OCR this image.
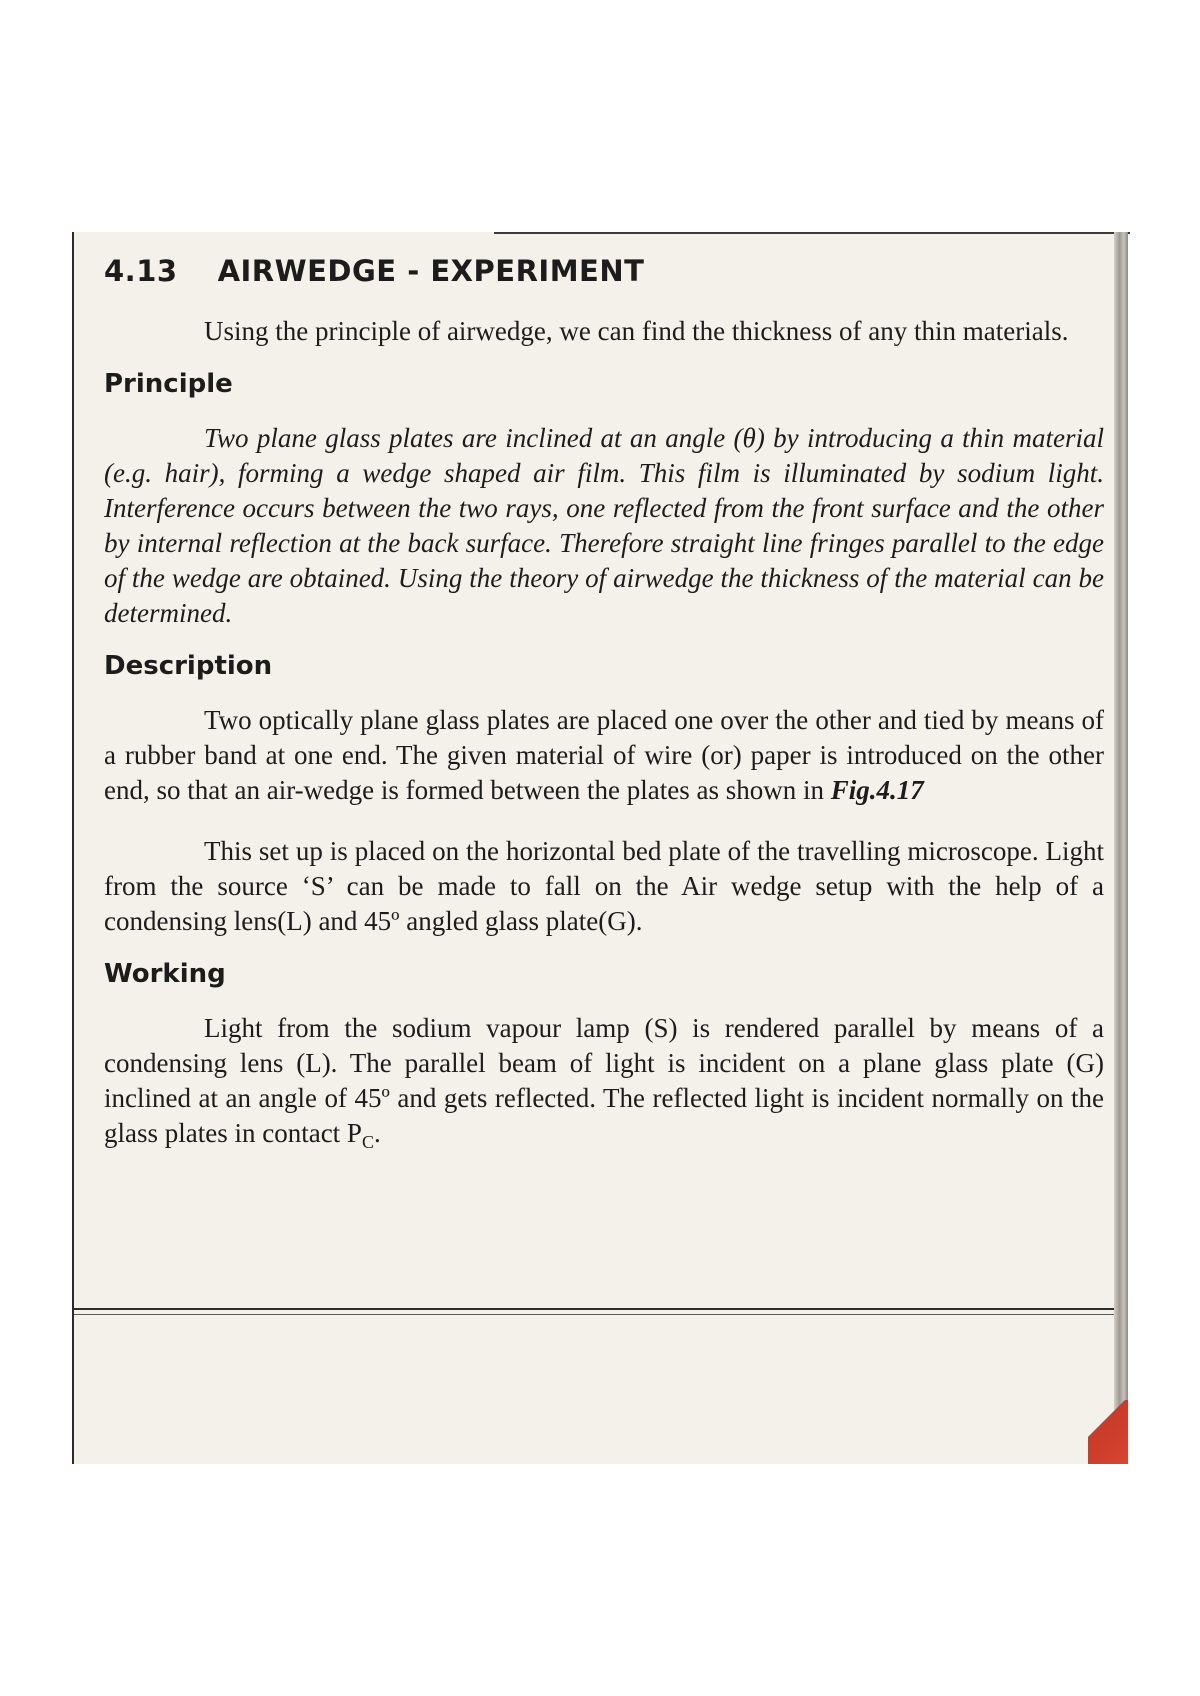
4.13 AIRWEDGE - EXPERIMENT

Using the principle of airwedge, we can find the thickness of any thin materials.

Principle

Two plane glass plates are inclined at an angle (θ) by introducing a thin material (e.g. hair), forming a wedge shaped air film. This film is illuminated by sodium light. Interference occurs between the two rays, one reflected from the front surface and the other by internal reflection at the back surface. Therefore straight line fringes parallel to the edge of the wedge are obtained. Using the theory of airwedge the thickness of the material can be determined.

Description

Two optically plane glass plates are placed one over the other and tied by means of a rubber band at one end. The given material of wire (or) paper is introduced on the other end, so that an air-wedge is formed between the plates as shown in Fig.4.17

This set up is placed on the horizontal bed plate of the travelling microscope. Light from the source ‘S’ can be made to fall on the Air wedge setup with the help of a condensing lens(L) and 45º angled glass plate(G).

Working

Light from the sodium vapour lamp (S) is rendered parallel by means of a condensing lens (L). The parallel beam of light is incident on a plane glass plate (G) inclined at an angle of 45º and gets reflected. The reflected light is incident normally on the glass plates in contact $P_C$.
